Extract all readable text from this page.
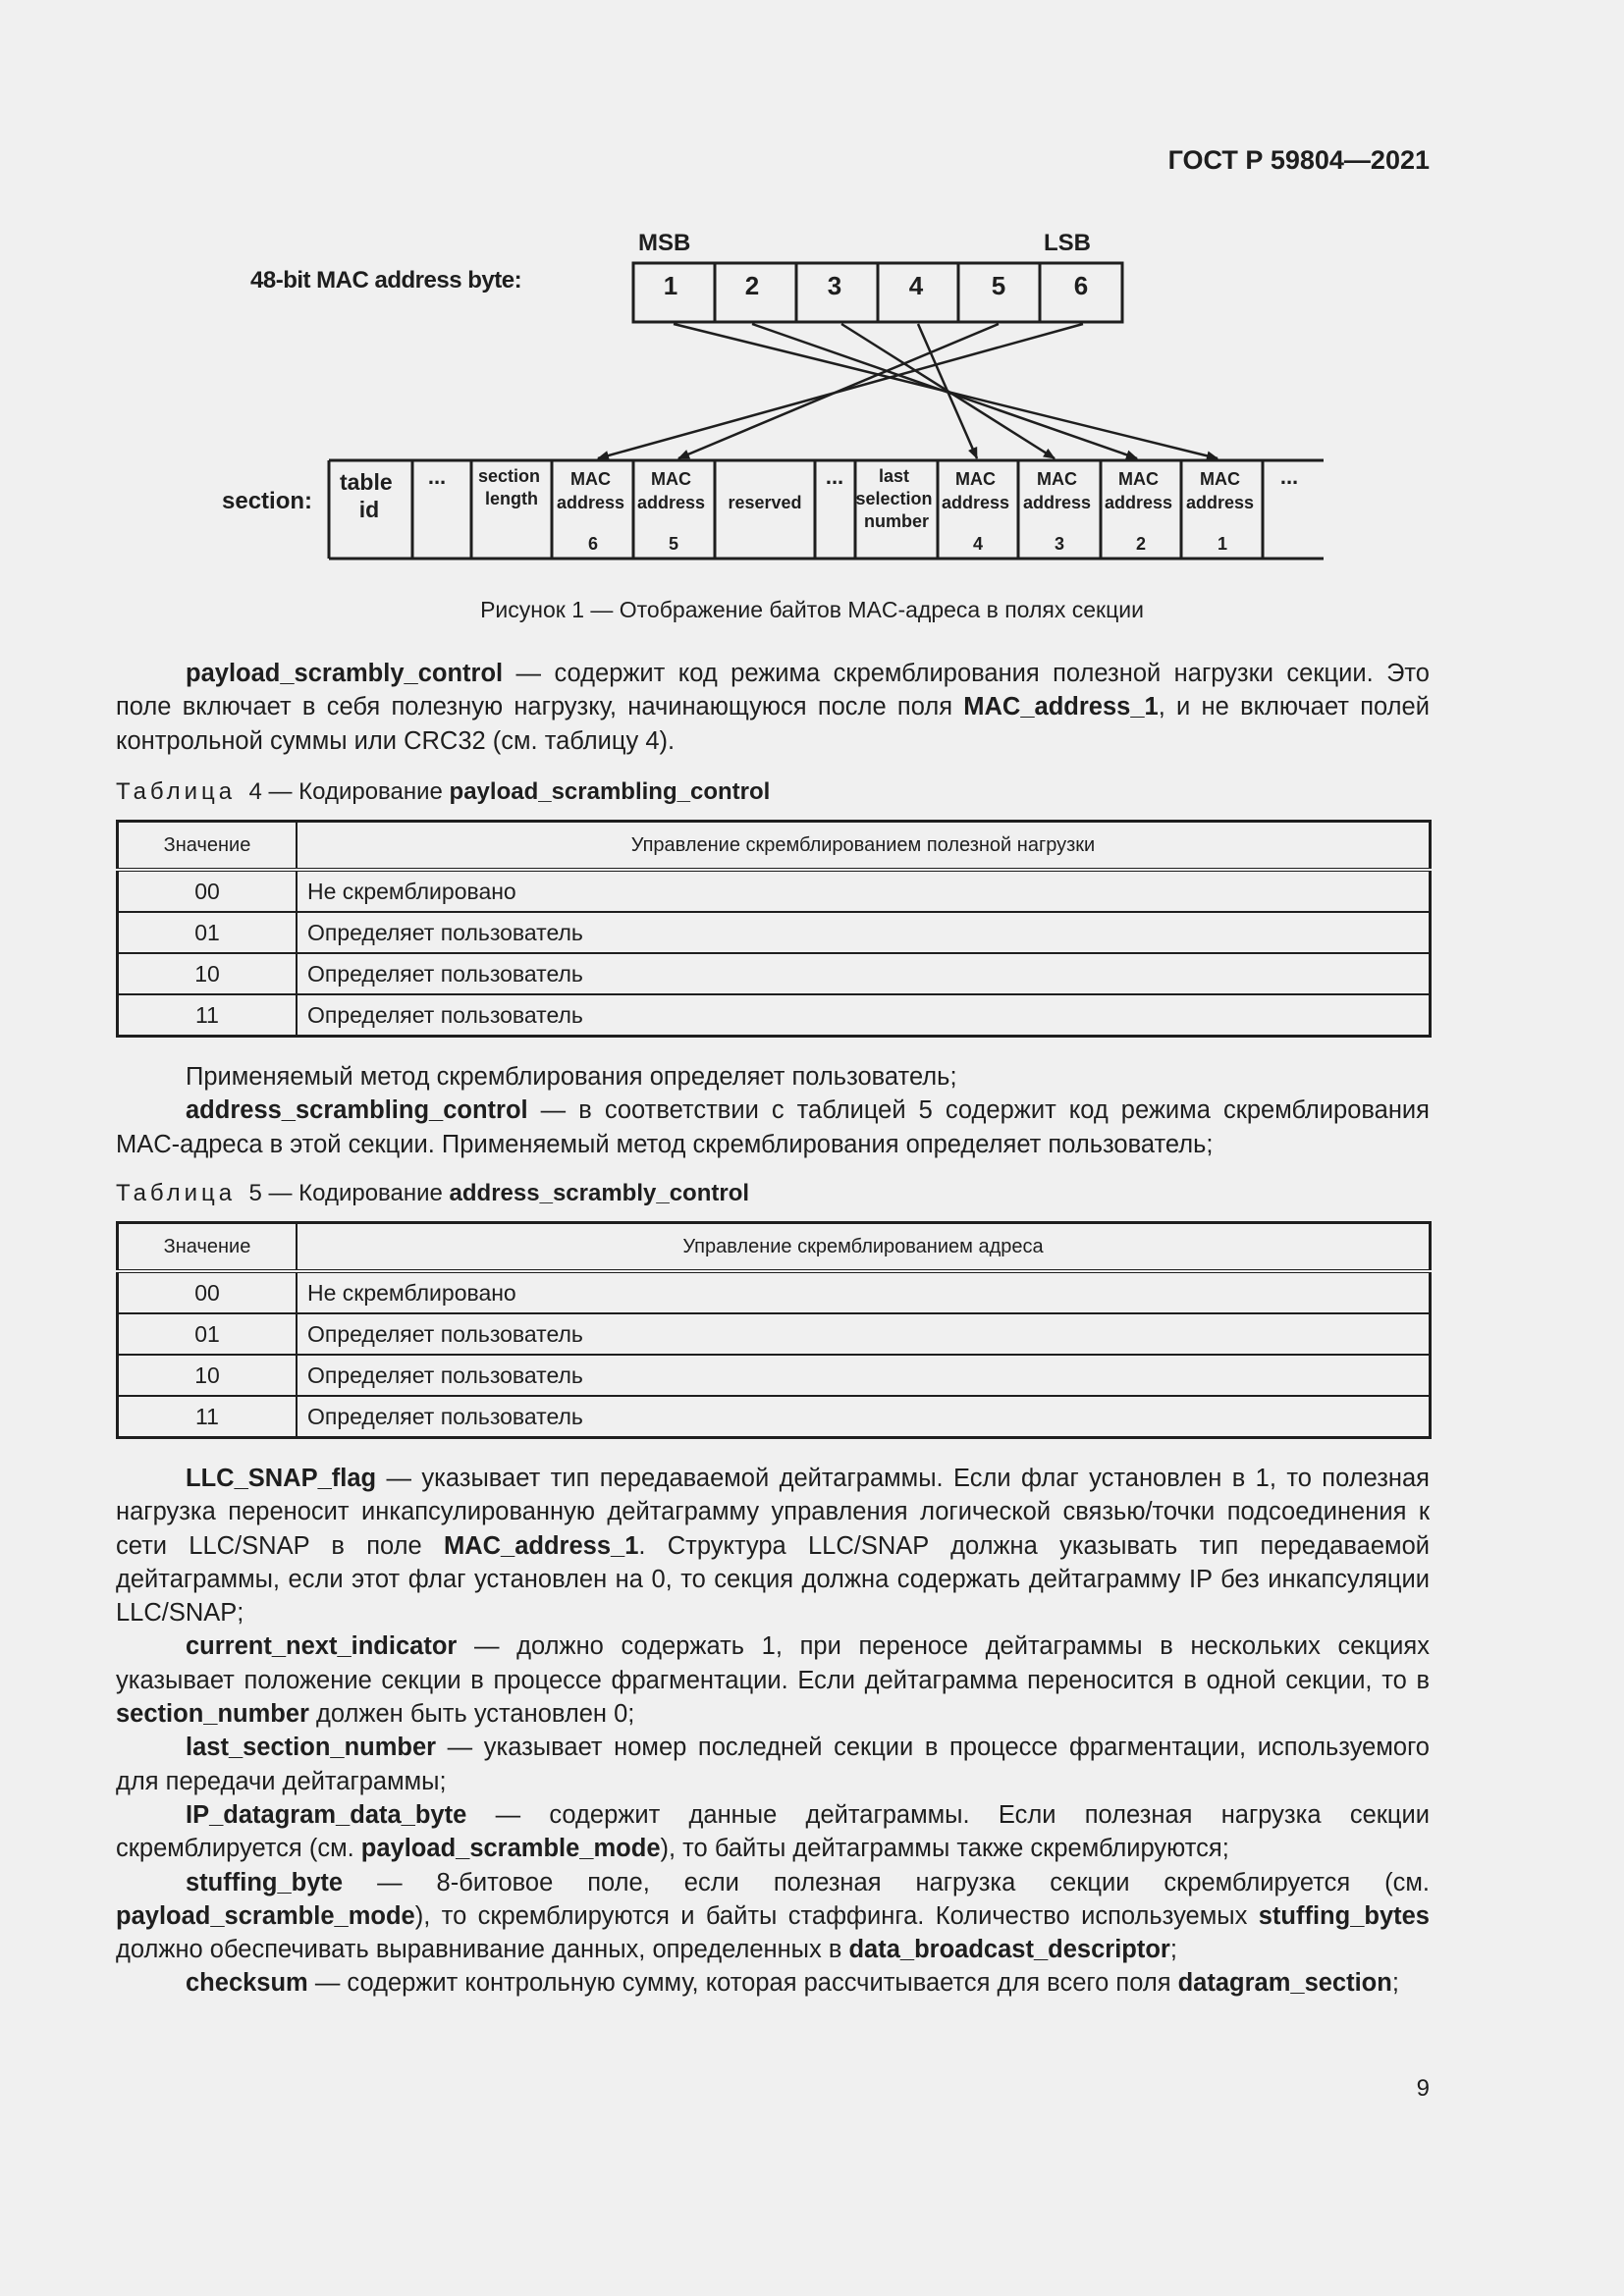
ГОСТ Р 59804—2021
MSB	LSB
48-bit MAC address byte:	1	2	3	4	5	6
section:
table id
... section length
MAC address 6
MAC address 5
reserved
...	last selection number
MAC address 4
MAC address 3
MAC address 2
MAC address 1
...
Рисунок 1 — Отображение байтов MAC-адреса в полях секции

payload_scrambly_control — содержит код режима скремблирования полезной нагрузки секции. Это поле включает в себя полезную нагрузку, начинающуюся после поля MAC_address_1, и не включает полей контрольной суммы или CRC32 (см. таблицу 4).

Таблица 4 — Кодирование payload_scrambling_control
Значение	Управление скремблированием полезной нагрузки
00	Не скремблировано
01	Определяет пользователь
10	Определяет пользователь
11	Определяет пользователь

Применяемый метод скремблирования определяет пользователь;

address_scrambling_control — в соответствии с таблицей 5 содержит код режима скремблирования MAC-адреса в этой секции. Применяемый метод скремблирования определяет пользователь;

Таблица 5 — Кодирование address_scrambly_control
Значение	Управление скремблированием адреса
00	Не скремблировано
01	Определяет пользователь
10	Определяет пользователь
11	Определяет пользователь

LLC_SNAP_flag — указывает тип передаваемой дейтаграммы. Если флаг установлен в 1, то полезная нагрузка переносит инкапсулированную дейтаграмму управления логической связью/точки подсоединения к сети LLC/SNAP в поле MAC_address_1. Структура LLC/SNAP должна указывать тип передаваемой дейтаграммы, если этот флаг установлен на 0, то секция должна содержать дейтаграмму IP без инкапсуляции LLC/SNAP;

current_next_indicator — должно содержать 1, при переносе дейтаграммы в нескольких секциях указывает положение секции в процессе фрагментации. Если дейтаграмма переносится в одной секции, то в section_number должен быть установлен 0;

last_section_number — указывает номер последней секции в процессе фрагментации, используемого для передачи дейтаграммы;

IP_datagram_data_byte — содержит данные дейтаграммы. Если полезная нагрузка секции скремблируется (см. payload_scramble_mode), то байты дейтаграммы также скремблируются;

stuffing_byte — 8-битовое поле, если полезная нагрузка секции скремблируется (см. payload_scramble_mode), то скремблируются и байты стаффинга. Количество используемых stuffing_bytes должно обеспечивать выравнивание данных, определенных в data_broadcast_descriptor;

checksum — содержит контрольную сумму, которая рассчитывается для всего поля datagram_section;

9
